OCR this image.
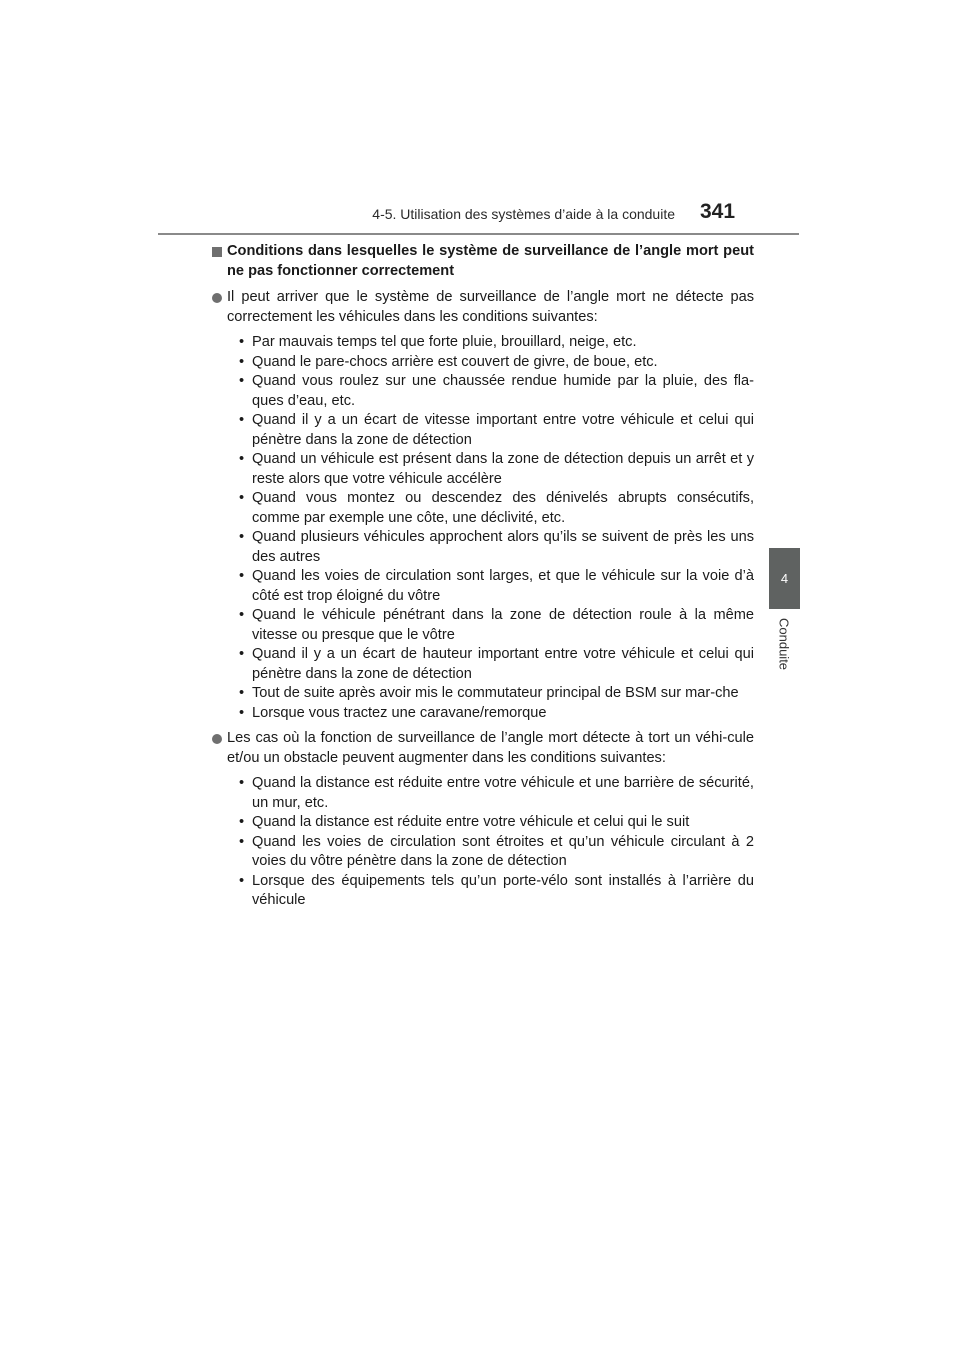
4-5. Utilisation des systèmes d’aide à la conduite 341
4
Conduite
Conditions dans lesquelles le système de surveillance de l’angle mort peut ne pas fonctionner correctement
Il peut arriver que le système de surveillance de l’angle mort ne détecte pas correctement les véhicules dans les conditions suivantes:
• Par mauvais temps tel que forte pluie, brouillard, neige, etc.
• Quand le pare-chocs arrière est couvert de givre, de boue, etc.
• Quand vous roulez sur une chaussée rendue humide par la pluie, des fla-ques d’eau, etc.
• Quand il y a un écart de vitesse important entre votre véhicule et celui qui pénètre dans la zone de détection
• Quand un véhicule est présent dans la zone de détection depuis un arrêt et y reste alors que votre véhicule accélère
• Quand vous montez ou descendez des dénivelés abrupts consécutifs, comme par exemple une côte, une déclivité, etc.
• Quand plusieurs véhicules approchent alors qu’ils se suivent de près les uns des autres
• Quand les voies de circulation sont larges, et que le véhicule sur la voie d’à côté est trop éloigné du vôtre
• Quand le véhicule pénétrant dans la zone de détection roule à la même vitesse ou presque que le vôtre
• Quand il y a un écart de hauteur important entre votre véhicule et celui qui pénètre dans la zone de détection
• Tout de suite après avoir mis le commutateur principal de BSM sur mar-che
• Lorsque vous tractez une caravane/remorque
Les cas où la fonction de surveillance de l’angle mort détecte à tort un véhi-cule et/ou un obstacle peuvent augmenter dans les conditions suivantes:
• Quand la distance est réduite entre votre véhicule et une barrière de sécurité, un mur, etc.
• Quand la distance est réduite entre votre véhicule et celui qui le suit
• Quand les voies de circulation sont étroites et qu’un véhicule circulant à 2 voies du vôtre pénètre dans la zone de détection
• Lorsque des équipements tels qu’un porte-vélo sont installés à l’arrière du véhicule
